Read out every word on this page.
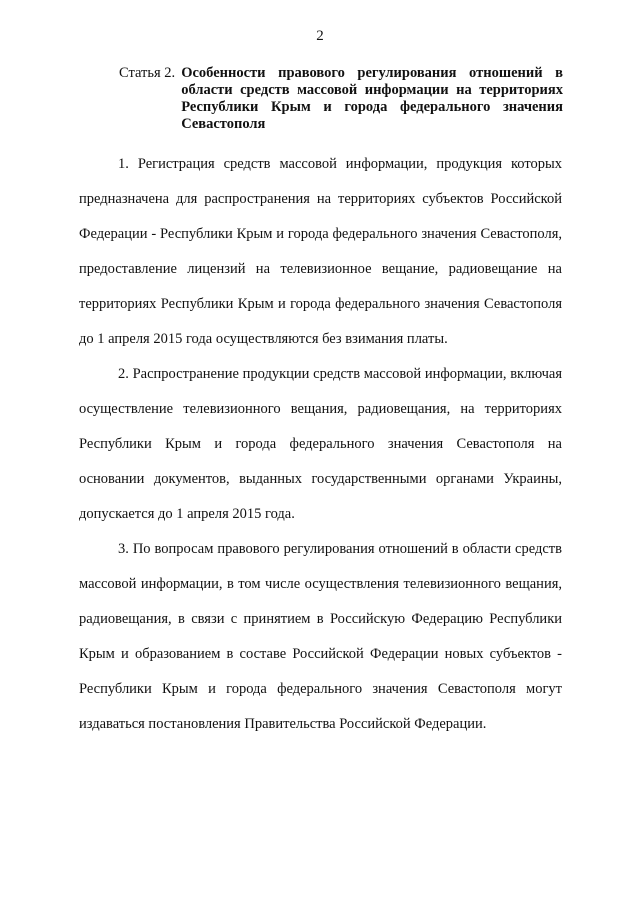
2
Статья 2. Особенности правового регулирования отношений в области средств массовой информации на территориях Республики Крым и города федерального значения Севастополя

1. Регистрация средств массовой информации, продукция которых предназначена для распространения на территориях субъектов Российской Федерации - Республики Крым и города федерального значения Севастополя, предоставление лицензий на телевизионное вещание, радиовещание на территориях Республики Крым и города федерального значения Севастополя до 1 апреля 2015 года осуществляются без взимания платы.

2. Распространение продукции средств массовой информации, включая осуществление телевизионного вещания, радиовещания, на территориях Республики Крым и города федерального значения Севастополя на основании документов, выданных государственными органами Украины, допускается до 1 апреля 2015 года.

3. По вопросам правового регулирования отношений в области средств массовой информации, в том числе осуществления телевизионного вещания, радиовещания, в связи с принятием в Российскую Федерацию Республики Крым и образованием в составе Российской Федерации новых субъектов - Республики Крым и города федерального значения Севастополя могут издаваться постановления Правительства Российской Федерации.
